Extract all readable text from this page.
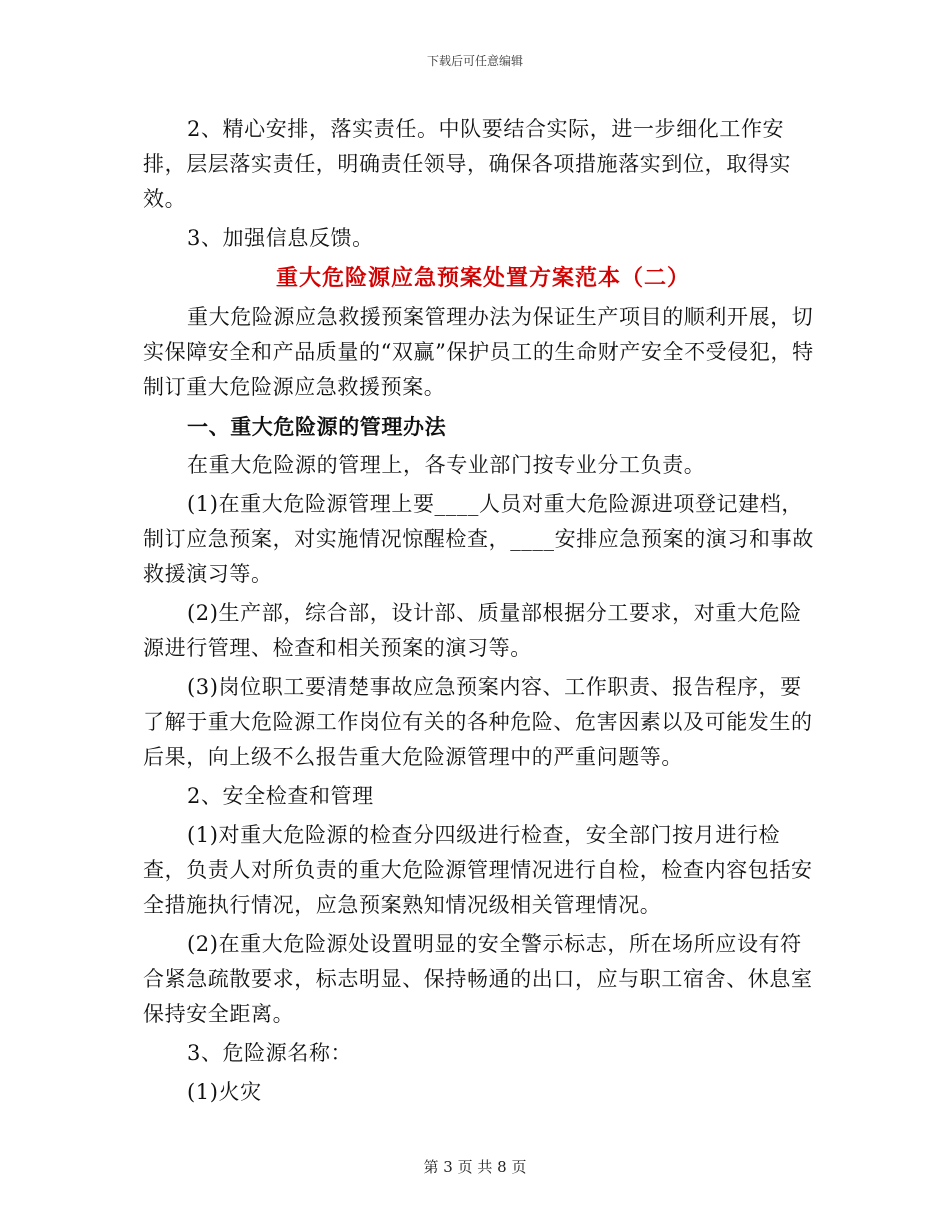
下载后可任意编辑

2、精心安排，落实责任。中队要结合实际，进一步细化工作安排，层层落实责任，明确责任领导，确保各项措施落实到位，取得实效。

3、加强信息反馈。

重大危险源应急预案处置方案范本（二）

重大危险源应急救援预案管理办法为保证生产项目的顺利开展，切实保障安全和产品质量的“双赢”保护员工的生命财产安全不受侵犯，特制订重大危险源应急救援预案。

一、重大危险源的管理办法

在重大危险源的管理上，各专业部门按专业分工负责。

(1)在重大危险源管理上要____人员对重大危险源进项登记建档，制订应急预案，对实施情况惊醒检查，____安排应急预案的演习和事故救援演习等。

(2)生产部，综合部，设计部、质量部根据分工要求，对重大危险源进行管理、检查和相关预案的演习等。

(3)岗位职工要清楚事故应急预案内容、工作职责、报告程序，要了解于重大危险源工作岗位有关的各种危险、危害因素以及可能发生的后果，向上级不么报告重大危险源管理中的严重问题等。

2、安全检查和管理

(1)对重大危险源的检查分四级进行检查，安全部门按月进行检查，负责人对所负责的重大危险源管理情况进行自检，检查内容包括安全措施执行情况，应急预案熟知情况级相关管理情况。

(2)在重大危险源处设置明显的安全警示标志，所在场所应设有符合紧急疏散要求，标志明显、保持畅通的出口，应与职工宿舍、休息室保持安全距离。

3、危险源名称：

(1)火灾

第 3 页 共 8 页
